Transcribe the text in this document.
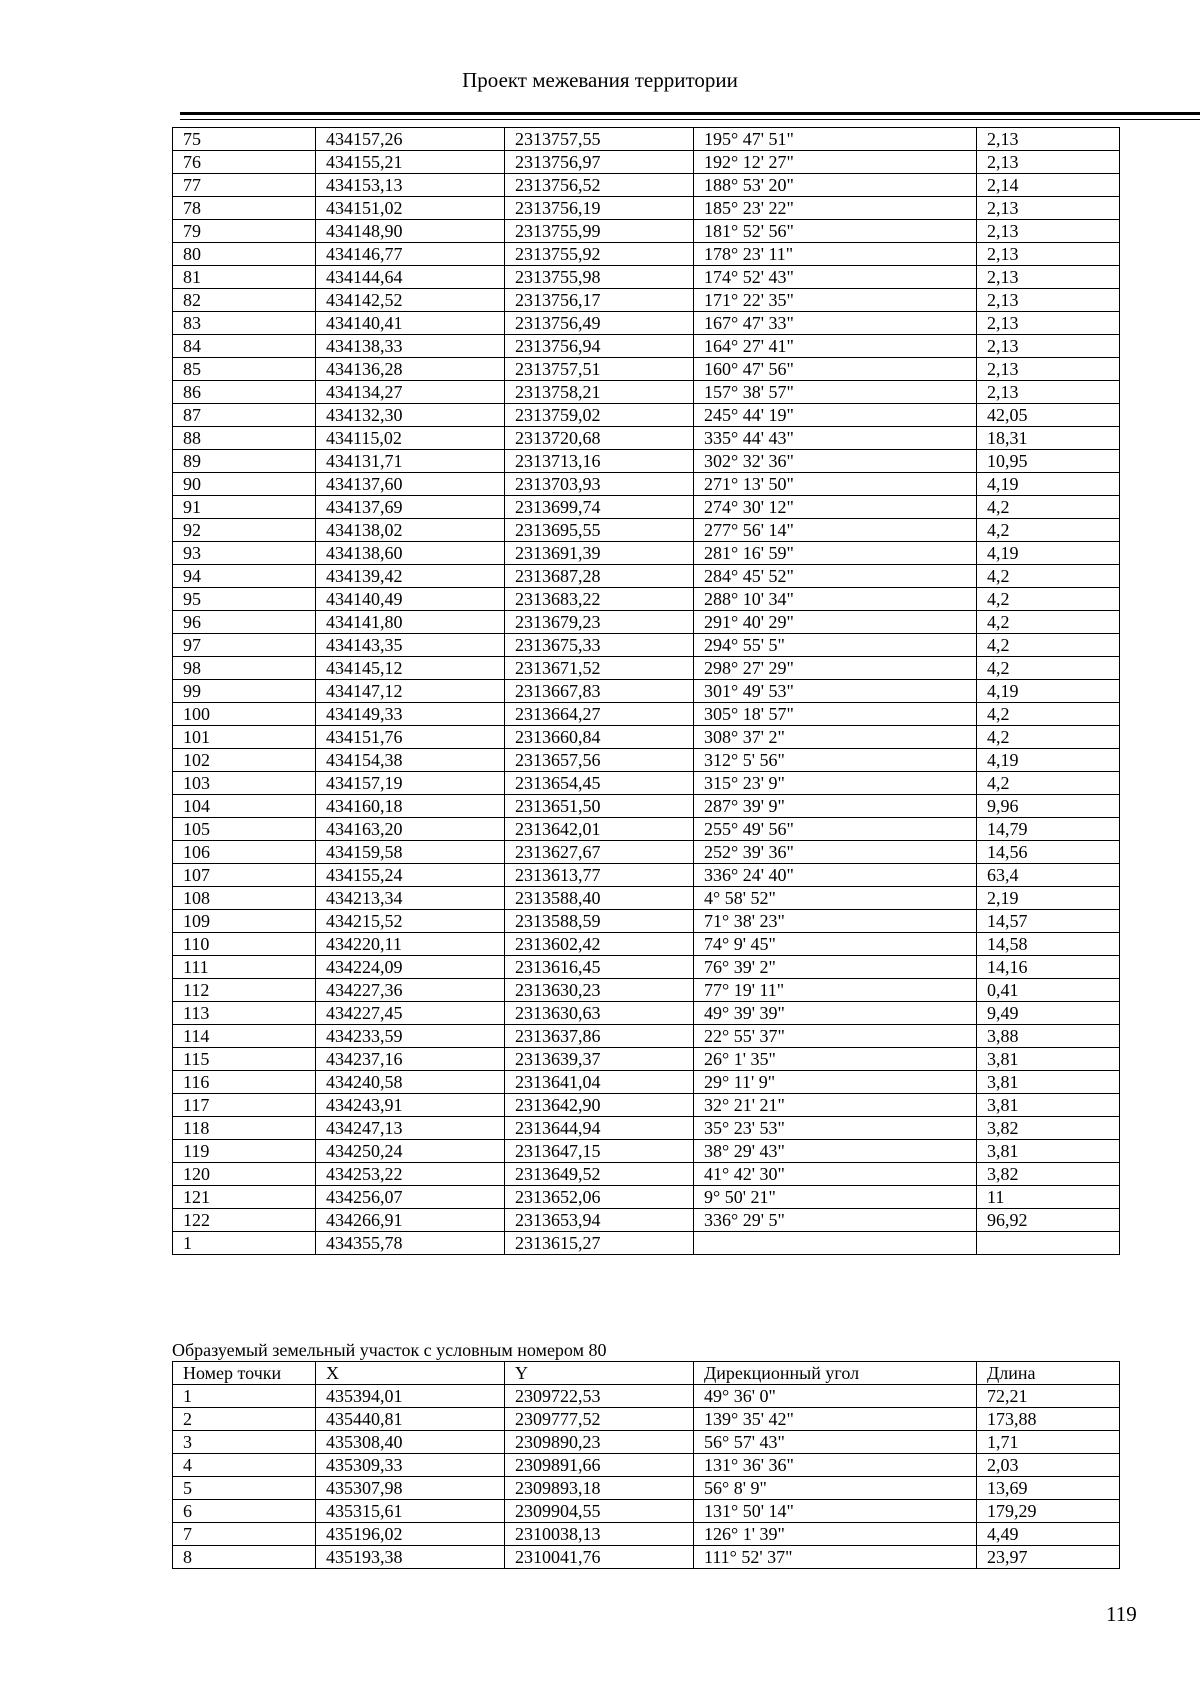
Проект межевания территории
75	434157,26	2313757,55	195° 47' 51"	2,13
76	434155,21	2313756,97	192° 12' 27"	2,13
77	434153,13	2313756,52	188° 53' 20"	2,14
78	434151,02	2313756,19	185° 23' 22"	2,13
79	434148,90	2313755,99	181° 52' 56"	2,13
80	434146,77	2313755,92	178° 23' 11"	2,13
81	434144,64	2313755,98	174° 52' 43"	2,13
82	434142,52	2313756,17	171° 22' 35"	2,13
83	434140,41	2313756,49	167° 47' 33"	2,13
84	434138,33	2313756,94	164° 27' 41"	2,13
85	434136,28	2313757,51	160° 47' 56"	2,13
86	434134,27	2313758,21	157° 38' 57"	2,13
87	434132,30	2313759,02	245° 44' 19"	42,05
88	434115,02	2313720,68	335° 44' 43"	18,31
89	434131,71	2313713,16	302° 32' 36"	10,95
90	434137,60	2313703,93	271° 13' 50"	4,19
91	434137,69	2313699,74	274° 30' 12"	4,2
92	434138,02	2313695,55	277° 56' 14"	4,2
93	434138,60	2313691,39	281° 16' 59"	4,19
94	434139,42	2313687,28	284° 45' 52"	4,2
95	434140,49	2313683,22	288° 10' 34"	4,2
96	434141,80	2313679,23	291° 40' 29"	4,2
97	434143,35	2313675,33	294° 55' 5"	4,2
98	434145,12	2313671,52	298° 27' 29"	4,2
99	434147,12	2313667,83	301° 49' 53"	4,19
100	434149,33	2313664,27	305° 18' 57"	4,2
101	434151,76	2313660,84	308° 37' 2"	4,2
102	434154,38	2313657,56	312° 5' 56"	4,19
103	434157,19	2313654,45	315° 23' 9"	4,2
104	434160,18	2313651,50	287° 39' 9"	9,96
105	434163,20	2313642,01	255° 49' 56"	14,79
106	434159,58	2313627,67	252° 39' 36"	14,56
107	434155,24	2313613,77	336° 24' 40"	63,4
108	434213,34	2313588,40	4° 58' 52"	2,19
109	434215,52	2313588,59	71° 38' 23"	14,57
110	434220,11	2313602,42	74° 9' 45"	14,58
111	434224,09	2313616,45	76° 39' 2"	14,16
112	434227,36	2313630,23	77° 19' 11"	0,41
113	434227,45	2313630,63	49° 39' 39"	9,49
114	434233,59	2313637,86	22° 55' 37"	3,88
115	434237,16	2313639,37	26° 1' 35"	3,81
116	434240,58	2313641,04	29° 11' 9"	3,81
117	434243,91	2313642,90	32° 21' 21"	3,81
118	434247,13	2313644,94	35° 23' 53"	3,82
119	434250,24	2313647,15	38° 29' 43"	3,81
120	434253,22	2313649,52	41° 42' 30"	3,82
121	434256,07	2313652,06	9° 50' 21"	11
122	434266,91	2313653,94	336° 29' 5"	96,92
1	434355,78	2313615,27		
Образуемый земельный участок с условным номером 80
Номер точки	X	Y	Дирекционный угол	Длина
1	435394,01	2309722,53	49° 36' 0"	72,21
2	435440,81	2309777,52	139° 35' 42"	173,88
3	435308,40	2309890,23	56° 57' 43"	1,71
4	435309,33	2309891,66	131° 36' 36"	2,03
5	435307,98	2309893,18	56° 8' 9"	13,69
6	435315,61	2309904,55	131° 50' 14"	179,29
7	435196,02	2310038,13	126° 1' 39"	4,49
8	435193,38	2310041,76	111° 52' 37"	23,97
119
